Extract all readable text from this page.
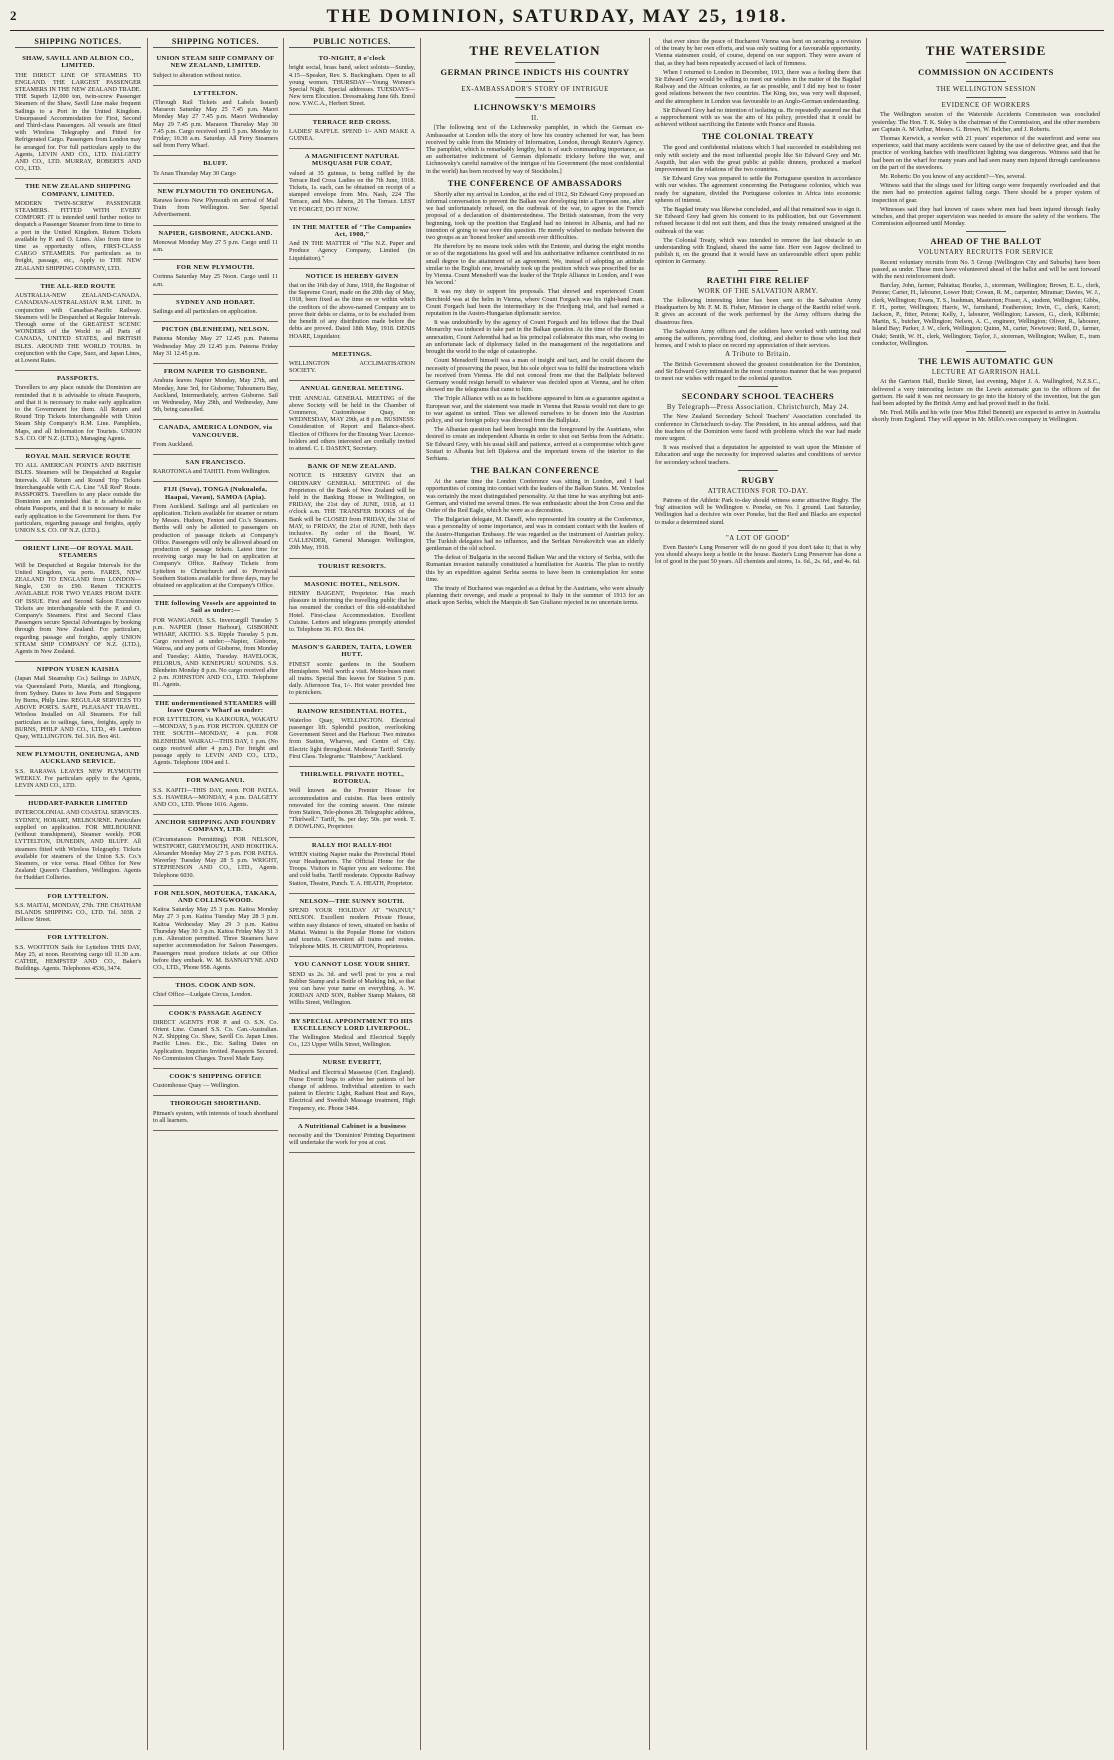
2	THE DOMINION, SATURDAY, MAY 25, 1918.
SHIPPING NOTICES.
SHAW, SAVILL AND ALBION CO., LIMITED.

THE DIRECT LINE OF STEAMERS TO ENGLAND. THE LARGEST PASSENGER STEAMERS IN THE NEW ZEALAND TRADE. THE Superb 12,000 ton, twin-screw Passenger Steamers of the Shaw, Savill Line make frequent Sailings to a Port in the United Kingdom. Unsurpassed Accommodation for First, Second and Third-class Passengers. All vessels are fitted with Wireless Telegraphy and Fitted for Refrigerated Cargo. Passengers from London may be arranged for. For full particulars apply to the Agents, LEVIN AND CO., LTD. DALGETY AND CO., LTD. MURRAY, ROBERTS AND CO., LTD.

THE NEW ZEALAND SHIPPING COMPANY, LIMITED.

MODERN TWIN-SCREW PASSENGER STEAMERS. FITTED WITH EVERY COMFORT. IT is intended until further notice to despatch a Passenger Steamer from time to time to a port in the United Kingdom. Return Tickets available by P. and O. Lines. Also from time to time as opportunity offers, FIRST-CLASS CARGO STEAMERS. For particulars as to freight, passage, etc., Apply to THE NEW ZEALAND SHIPPING COMPANY, LTD.

THE ALL-RED ROUTE

AUSTRALIA-NEW ZEALAND-CANADA. CANADIAN-AUSTRALASIAN R.M. LINE. In conjunction with Canadian-Pacific Railway. Steamers will be Despatched at Regular Intervals. Through some of the GREATEST SCENIC WONDERS of the World to all Parts of CANADA, UNITED STATES, and BRITISH ISLES. AROUND THE WORLD TOURS. In conjunction with the Cape, Suez, and Japan Lines, at Lowest Rates.

PASSPORTS.

Travellers to any place outside the Dominion are reminded that it is advisable to obtain Passports, and that it is necessary to make early application to the Government for them. All Return and Round Trip Tickets Interchangeable with Union Steam Ship Company's R.M. Line. Pamphlets, Maps, and all Information for Tourists. UNION S.S. CO. OF N.Z. (LTD.), Managing Agents.

ROYAL MAIL SERVICE ROUTE

TO ALL AMERICAN POINTS AND BRITISH ISLES. Steamers will be Despatched at Regular Intervals. All Return and Round Trip Tickets Interchangeable with C.A. Line "All Red" Route. PASSPORTS. Travellers to any place outside the Dominion are reminded that it is advisable to obtain Passports, and that it is necessary to make early application to the Government for them. For particulars, regarding passage and freights, apply UNION S.S. CO. OF N.Z. (LTD.).

ORIENT LINE—OF ROYAL MAIL STEAMERS

Will be Despatched at Regular Intervals for the United Kingdom, via ports. FARES, NEW ZEALAND TO ENGLAND from LONDON—Single, £30 to £90. Return TICKETS AVAILABLE FOR TWO YEARS FROM DATE OF ISSUE. First and Second Saloon Excursion Tickets are interchangeable with the P. and O. Company's Steamers. First and Second Class Passengers secure Special Advantages by booking through from New Zealand. For particulars, regarding passage and freights, apply UNION STEAM SHIP COMPANY OF N.Z. (LTD.), Agents in New Zealand.

NIPPON YUSEN KAISHA

(Japan Mail Steamship Co.) Sailings to JAPAN, via Queensland Ports, Manila, and Hongkong, from Sydney. Dates to Java Ports and Singapore by Burns, Philp Line. REGULAR SERVICES TO ABOVE PORTS. SAFE, PLEASANT TRAVEL. Wireless Installed on All Steamers. For full particulars as to sailings, fares, freights, apply to BURNS, PHILP AND CO., LTD., 49 Lambton Quay, WELLINGTON. Tel. 316. Box 461.

NEW PLYMOUTH, ONEHUNGA, AND AUCKLAND SERVICE.

S.S. RARAWA LEAVES NEW PLYMOUTH WEEKLY. For particulars apply to the Agents, LEVIN AND CO., LTD.

HUDDART-PARKER LIMITED

INTERCOLONIAL AND COASTAL SERVICES. SYDNEY, HOBART, MELBOURNE. Particulars supplied on application. FOR MELBOURNE (without transhipment), Steamer weekly. FOR LYTTELTON, DUNEDIN, AND BLUFF. All steamers fitted with Wireless Telegraphy. Tickets available for steamers of the Union S.S. Co.'s Steamers, or vice versa. Head Office for New Zealand: Queen's Chambers, Wellington. Agents for Huddart Collieries.

FOR LYTTELTON.

S.S. MAITAI, MONDAY, 27th. THE CHATHAM ISLANDS SHIPPING CO., LTD. Tel. 3038. 2 Jellicoe Street.

FOR LYTTELTON.

S.S. WOOTTON Sails for Lyttelton THIS DAY, May 25, at noon. Receiving cargo till 11.30 a.m. CATHIE, HEMPSTEP AND CO., Baker's Buildings. Agents. Telephones 4536, 3474.

SHIPPING NOTICES.
UNION STEAM SHIP COMPANY OF NEW ZEALAND, LIMITED.

Subject to alteration without notice.

LYTTELTON.

(Through Rail Tickets and Labels Issued) Maraeon Saturday May 25 7.45 p.m. Maori Monday May 27 7.45 p.m. Maori Wednesday May 29 7.45 p.m. Maraeon Thursday May 30 7.45 p.m. Cargo received until 5 p.m. Monday to Friday; 10.30 a.m. Saturday. All Ferry Steamers sail from Ferry Wharf.

BLUFF.

Te Anau Thursday May 30 Cargo

NEW PLYMOUTH TO ONEHUNGA.

Rarawa leaves New Plymouth on arrival of Mail Train from Wellington. See Special Advertisement.

NAPIER, GISBORNE, AUCKLAND.

Monowai Monday May 27 5 p.m. Cargo until 11 a.m.

FOR NEW PLYMOUTH.

Corinna Saturday May 25 Noon. Cargo until 11 a.m.

SYDNEY AND HOBART.

Sailings and all particulars on application.

PICTON (BLENHEIM), NELSON.

Pateena Monday May 27 12.45 p.m. Pateena Wednesday May 29 12.45 p.m. Pateena Friday May 31 12.45 p.m.

FROM NAPIER TO GISBORNE.

Arahura leaves Napier Monday, May 27th, and Monday, June 3rd, for Gisborne; Tuhoumeru Bay, Auckland, Intermediately, arrives Gisborne. Sail on Wednesday, May 29th, and Wednesday, June 5th, being cancelled.

CANADA, AMERICA LONDON, via VANCOUVER.

From Auckland.

SAN FRANCISCO.

RAROTONGA and TAHITI. From Wellington.

FIJI (Suva), TONGA (Nukualofa, Haapai, Vavau), SAMOA (Apia).

From Auckland. Sailings and all particulars on application. Tickets available for steamer or return by Messrs. Hudson, Fenton and Co.'s Steamers. Berths will only be allotted to passengers on production of passage tickets at Company's Office. Passengers will only be allowed aboard on production of passage tickets. Latest time for receiving cargo may be had on application at Company's Office. Railway Tickets from Lyttelton to Christchurch and to Provincial Southern Stations available for three days, may be obtained on application at the Company's Office.

THE following Vessels are appointed to Sail as under:—

FOR WANGANUI. S.S. Invercargill Tuesday 5 p.m. NAPIER (Inner Harbour), GISBORNE WHARF, AKITIO. S.S. Ripple Tuesday 5 p.m. Cargo received at under:—Napier, Gisborne, Wairoa, and any ports of Gisborne, from Monday and Tuesday; Akitio, Tuesday. HAVELOCK, PELORUS, AND KENEPURU SOUNDS. S.S. Blenheim Monday 8 p.m. No cargo received after 2 p.m. JOHNSTON AND CO., LTD. Telephone 81. Agents.

THE undermentioned STEAMERS will leave Queen's Wharf as under:

FOR LYTTELTON, via KAIKOURA, WAKATU—MONDAY, 5 p.m. FOR PICTON. QUEEN OF THE SOUTH—MONDAY, 4 p.m. FOR BLENHEIM. WAIRAU—THIS DAY, 1 p.m. (No cargo received after 4 p.m.) For freight and passage apply to LEVIN AND CO., LTD., Agents. Telephone 1904 and 1.

FOR WANGANUI.

S.S. KAPITI—THIS DAY, noon. FOR PATEA. S.S. HAWERA—MONDAY, 4 p.m. DALGETY AND CO., LTD. 'Phone 1616. Agents.

ANCHOR SHIPPING AND FOUNDRY COMPANY, LTD.

(Circumstances Permitting). FOR NELSON, WESTPORT, GREYMOUTH, AND HOKITIKA. Alexander Monday May 27 5 p.m. FOR PATEA. Waverley Tuesday May 28 5 p.m. WRIGHT, STEPHENSON AND CO., LTD., Agents. Telephone 6030.

FOR NELSON, MOTUEKA, TAKAKA, AND COLLINGWOOD.

Kaitoa Saturday May 25 3 p.m. Kaitoa Monday May 27 3 p.m. Kaitoa Tuesday May 28 3 p.m. Kaitoa Wednesday May 29 3 p.m. Kaitoa Thursday May 30 3 p.m. Kaitoa Friday May 31 3 p.m. Alteration permitted. Three Steamers have superior accommodation for Saloon Passengers. Passengers must produce tickets at our Office before they embark. W. M. BANNATYNE AND CO., LTD., 'Phone 958. Agents.

THOS. COOK AND SON.

Chief Office—Ludgate Circus, London.

COOK'S PASSAGE AGENCY

DIRECT AGENTS FOR P. and O. S.N. Co. Orient Line. Cunard S.S. Co. Can.-Australian. N.Z. Shipping Co. Shaw, Savill Co. Japan Lines. Pacific Lines. Etc., Etc. Sailing Dates on Application. Inquiries Invited. Passports Secured. No Commission Charges. Travel Made Easy.

COOK'S SHIPPING OFFICE

Customhouse Quay — Wellington.

THOROUGH SHORTHAND.

Pitman's system, with interests of touch shorthand to all learners.

PUBLIC NOTICES.
TO-NIGHT, 8 o'clock

bright social, brass band, select soloists—Sunday, 4.15—Speaker, Rev. S. Buckingham. Open to all young women. THURSDAY—Young Women's Special Night. Special addresses. TUESDAYS—New term Elocution. Dressmaking June 6th. Enrol now. Y.W.C.A., Herbert Street.

TERRACE RED CROSS.

LADIES' RAFFLE. SPEND 1/- AND MAKE A GUINEA.

A MAGNIFICENT NATURAL MUSQUASH FUR COAT,

valued at 35 guineas, is being raffled by the Terrace Red Cross Ladies on the 7th June, 1918. Tickets, 1s. each, can be obtained on receipt of a stamped envelope from Mrs. Nash, 224 The Terrace, and Mrs. Jabens, 26 The Terrace. LEST YE FORGET, DO IT NOW.

IN THE MATTER of "The Companies Act, 1908,"

And IN THE MATTER of "The N.Z. Paper and Produce Agency Company, Limited (in Liquidation)."

NOTICE IS HEREBY GIVEN

that on the 16th day of June, 1918, the Registrar of the Supreme Court, made on the 20th day of May, 1918, been fixed as the time on or within which the creditors of the above-named Company are to prove their debts or claims, or to be excluded from the benefit of any distribution made before the debts are proved. Dated 18th May, 1918. DENIS HOARE, Liquidator.

MEETINGS.

WELLINGTON ACCLIMATISATION SOCIETY.

ANNUAL GENERAL MEETING.

THE ANNUAL GENERAL MEETING of the above Society will be held in the Chamber of Commerce, Customhouse Quay, on WEDNESDAY, MAY 29th, at 8 p.m. BUSINESS: Consideration of Report and Balance-sheet. Election of Officers for the Ensuing Year. Licence-holders and others interested are cordially invited to attend. C. I. DASENT, Secretary.

BANK OF NEW ZEALAND.

NOTICE IS HEREBY GIVEN that an ORDINARY GENERAL MEETING of the Proprietors of the Bank of New Zealand will be held in the Banking House in Wellington, on FRIDAY, the 21st day of JUNE, 1918, at 11 o'clock a.m. THE TRANSFER BOOKS of the Bank will be CLOSED from FRIDAY, the 31st of MAY, to FRIDAY, the 21st of JUNE, both days inclusive. By order of the Board, W. CALLENDER, General Manager. Wellington, 20th May, 1918.

TOURIST RESORTS.
MASONIC HOTEL, NELSON.

HENRY BAIGENT, Proprietor. Has much pleasure in informing the travelling public that he has resumed the conduct of this old-established Hotel. First-class Accommodation. Excellent Cuisine. Letters and telegrams promptly attended to. Telephone 36. P.O. Box 84.

MASON'S GARDEN, TAITA, LOWER HUTT.

FINEST scenic gardens in the Southern Hemisphere. Well worth a visit. Motor-buses meet all trains. Special Bus leaves for Station 5 p.m. daily. Afternoon Tea, 1/-. Hot water provided free to picnickers.

RAINOW RESIDENTIAL HOTEL,

Waterloo Quay, WELLINGTON. Electrical passenger lift. Splendid position, overlooking Government Street and the Harbour. Two minutes from Station, Wharves, and Centre of City. Electric light throughout. Moderate Tariff. Strictly First Class. Telegrams: "Rainbow," Auckland.

THIRLWELL PRIVATE HOTEL, ROTORUA.

Well known as the Premier House for accommodation and cuisine. Has been entirely renovated for the coming season. One minute from Station, Tele-phones 28. Telegraphic address, "Thirlwell." Tariff, 9s. per day; 50s. per week. T. P. DOWLING, Proprietor.

RALLY HO! RALLY-HO!

WHEN visiting Napier make the Provincial Hotel your Headquarters. The Official Home for the Troops. Visitors to Napier you are welcome. Hot and cold baths. Tariff moderate. Opposite Railway Station, Theatre, Punch. T. A. HEATH, Proprietor.

NELSON—THE SUNNY SOUTH.

SPEND YOUR HOLIDAY AT "WAINUI," NELSON. Excellent modern Private House, within easy distance of town, situated on banks of Maitai. Wainui is the Popular Home for visitors and tourists. Convenient all trains and routes. Telephone MRS. H. CRUMPTON, Proprietress.

YOU CANNOT LOSE YOUR SHIRT.

SEND us 2s. 3d. and we'll post to you a real Rubber Stamp and a Bottle of Marking Ink, so that you can have your name on everything. A. W. JORDAN AND SON, Rubber Stamp Makers, 68 Willis Street, Wellington.

BY SPECIAL APPOINTMENT TO HIS EXCELLENCY LORD LIVERPOOL.

The Wellington Medical and Electrical Supply Co., 123 Upper Willis Street, Wellington.

NURSE EVERITT,

Medical and Electrical Masseuse (Cert. England). Nurse Everitt begs to advise her patients of her change of address. Individual attention to each patient in Electric Light, Radiant Heat and Rays, Electrical and Swedish Massage treatment, High Frequency, etc. Phone 3484.

A Nutritional Cabinet is a business

necessity and the 'Dominion' Printing Department will undertake the work for you at cost.

THE REVELATION
GERMAN PRINCE INDICTS HIS COUNTRY
EX-AMBASSADOR'S STORY OF INTRIGUE
LICHNOWSKY'S MEMOIRS
II.

[The following text of the Lichnowsky pamphlet, in which the German ex-Ambassador at London tells the story of how his country schemed for war, has been received by cable from the Ministry of Information, London, through Reuter's Agency. The pamphlet, which is remarkably lengthy, but is of such commanding importance, as an authoritative indictment of German diplomatic trickery before the war, and Lichnowsky's careful narrative of the intrigue of his Government (the most confidential in the world) has been received by way of Stockholm.]

THE CONFERENCE OF AMBASSADORS

Shortly after my arrival in London, at the end of 1912, Sir Edward Grey proposed an informal conversation to prevent the Balkan war developing into a European one, after we had unfortunately refused, on the outbreak of the war, to agree to the French proposal of a declaration of disinterestedness. The British statesman, from the very beginning, took up the position that England had no interest in Albania, and had no intention of going to war over this question. He merely wished to mediate between the two groups as an 'honest broker' and smooth over difficulties.

He therefore by no means took sides with the Entente, and during the eight months or so of the negotiations his good will and his authoritative influence contributed in no small degree to the attainment of an agreement. We, instead of adopting an attitude similar to the English one, invariably took up the position which was prescribed for us by Vienna. Count Mensdorff was the leader of the Triple Alliance in London, and I was his 'second.'

It was my duty to support his proposals. That shrewd and experienced Count Berchtold was at the helm in Vienna, where Count Forgach was his right-hand man. Count Forgach had been the intermediary in the Friedjung trial, and had earned a reputation in the Austro-Hungarian diplomatic service.

It was undoubtedly by the agency of Count Forgach and his fellows that the Dual Monarchy was induced to take part in the Balkan question. At the time of the Bosnian annexation, Count Aehrenthal had as his principal collaborator this man, who owing to an unfortunate lack of diplomacy failed in the management of the negotiations and brought the world to the edge of catastrophe.

Count Mensdorff himself was a man of insight and tact, and he could discern the necessity of preserving the peace, but his sole object was to fulfil the instructions which he received from Vienna. He did not conceal from me that the Ballplatz believed Germany would resign herself to whatever was decided upon at Vienna, and he often showed me the telegrams that came to him.

The Triple Alliance with us as its backbone appeared to him as a guarantee against a European war, and the statement was made in Vienna that Russia would not dare to go to war against us united. Thus we allowed ourselves to be drawn into the Austrian policy, and our foreign policy was directed from the Ballplatz.

The Albanian question had been brought into the foreground by the Austrians, who desired to create an independent Albania in order to shut out Serbia from the Adriatic. Sir Edward Grey, with his usual skill and patience, arrived at a compromise which gave Scutari to Albania but left Djakova and the important towns of the interior to the Serbians.

THE BALKAN CONFERENCE

At the same time the London Conference was sitting in London, and I had opportunities of coming into contact with the leaders of the Balkan States. M. Venizelos was certainly the most distinguished personality. At that time he was anything but anti-German, and visited me several times. He was enthusiastic about the Iron Cross and the Order of the Red Eagle, which he wore as a decoration.

The Bulgarian delegate, M. Daneff, who represented his country at the Conference, was a personality of some importance, and was in constant contact with the leaders of the Austro-Hungarian Embassy. He was regarded as the instrument of Austrian policy. The Turkish delegates had no influence, and the Serbian Novakovitch was an elderly gentleman of the old school.

The defeat of Bulgaria in the second Balkan War and the victory of Serbia, with the Rumanian invasion naturally constituted a humiliation for Austria. The plan to rectify this by an expedition against Serbia seems to have been in contemplation for some time.

The treaty of Bucharest was regarded as a defeat by the Austrians, who were already planning their revenge, and made a proposal to Italy in the summer of 1913 for an attack upon Serbia, which the Marquis di San Giuliano rejected in no uncertain terms.

that ever since the peace of Bucharest Vienna was bent on securing a revision of the treaty by her own efforts, and was only waiting for a favourable opportunity. Vienna statesmen could, of course, depend on our support. They were aware of that, as they had been repeatedly accused of lack of firmness.

When I returned to London in December, 1913, there was a feeling there that Sir Edward Grey would be willing to meet our wishes in the matter of the Bagdad Railway and the African colonies, as far as possible, and I did my best to foster good relations between the two countries. The King, too, was very well disposed, and the atmosphere in London was favourable to an Anglo-German understanding.

Sir Edward Grey had no intention of isolating us. He repeatedly assured me that a rapprochement with us was the aim of his policy, provided that it could be achieved without sacrificing the Entente with France and Russia.

THE COLONIAL TREATY

The good and confidential relations which I had succeeded in establishing not only with society and the most influential people like Sir Edward Grey and Mr. Asquith, but also with the great public at public dinners, produced a marked improvement in the relations of the two countries.

Sir Edward Grey was prepared to settle the Portuguese question in accordance with our wishes. The agreement concerning the Portuguese colonies, which was ready for signature, divided the Portuguese colonies in Africa into economic spheres of interest.

The Bagdad treaty was likewise concluded, and all that remained was to sign it. Sir Edward Grey had given his consent to its publication, but our Government refused because it did not suit them, and thus the treaty remained unsigned at the outbreak of the war.

The Colonial Treaty, which was intended to remove the last obstacle to an understanding with England, shared the same fate. Herr von Jagow declined to publish it, on the ground that it would have an unfavourable effect upon public opinion in Germany.

RAETIHI FIRE RELIEF
WORK OF THE SALVATION ARMY.

The following interesting letter has been sent to the Salvation Army Headquarters by Mr. F. M. B. Fisher, Minister in charge of the Raetihi relief work. It gives an account of the work performed by the Army officers during the disastrous fires.

The Salvation Army officers and the soldiers have worked with untiring zeal among the sufferers, providing food, clothing, and shelter to those who lost their homes, and I wish to place on record my appreciation of their services.

A Tribute to Britain.

The British Government showed the greatest consideration for the Dominion, and Sir Edward Grey intimated in the most courteous manner that he was prepared to meet our wishes with regard to the colonial question.

SECONDARY SCHOOL TEACHERS
By Telegraph—Press Association. Christchurch, May 24.

The New Zealand Secondary School Teachers' Association concluded its conference in Christchurch to-day. The President, in his annual address, said that the teachers of the Dominion were faced with problems which the war had made more urgent.

It was resolved that a deputation be appointed to wait upon the Minister of Education and urge the necessity for improved salaries and conditions of service for secondary school teachers.

RUGBY
ATTRACTIONS FOR TO-DAY.

Patrons of the Athletic Park to-day should witness some attractive Rugby. The 'big' attraction will be Wellington v. Poneke, on No. 1 ground. Last Saturday, Wellington had a decisive win over Poneke, but the Red and Blacks are expected to make a determined stand.

"A LOT OF GOOD"

Even Baxter's Lung Preserver will do no good if you don't take it; that is why you should always keep a bottle in the house. Baxter's Lung Preserver has done a lot of good in the past 50 years. All chemists and stores, 1s. 6d., 2s. 6d., and 4s. 6d.

THE WATERSIDE
COMMISSION ON ACCIDENTS
THE WELLINGTON SESSION
EVIDENCE OF WORKERS

The Wellington session of the Waterside Accidents Commission was concluded yesterday. The Hon. T. K. Sidey is the chairman of the Commission, and the other members are Captain A. M'Arthur, Messrs. G. Brown, W. Belcher, and J. Roberts.

Thomas Kerwick, a worker with 21 years' experience of the waterfront and some sea experience, said that many accidents were caused by the use of defective gear, and that the practice of working hatches with insufficient lighting was dangerous. Witness said that he had been on the wharf for many years and had seen many men injured through carelessness on the part of the stevedores.

Mr. Roberts: Do you know of any accident?—Yes, several.

Witness said that the slings used for lifting cargo were frequently overloaded and that the men had no protection against falling cargo. There should be a proper system of inspection of gear.

Witnesses said they had known of cases where men had been injured through faulty winches, and that proper supervision was needed to ensure the safety of the workers. The Commission adjourned until Monday.

AHEAD OF THE BALLOT
VOLUNTARY RECRUITS FOR SERVICE

Recent voluntary recruits from No. 5 Group (Wellington City and Suburbs) have been passed, as under. These men have volunteered ahead of the ballot and will be sent forward with the next reinforcement draft.

Barclay, John, farmer, Pahiatua; Bourke, J., storeman, Wellington; Brown, E. L., clerk, Petone; Carter, H., labourer, Lower Hutt; Cowan, R. M., carpenter, Miramar; Davies, W. J., clerk, Wellington; Evans, T. S., bushman, Masterton; Fraser, A., student, Wellington; Gibbs, F. H., porter, Wellington; Harris, W., farmhand, Featherston; Irwin, C., clerk, Karori; Jackson, P., fitter, Petone; Kelly, J., labourer, Wellington; Lawson, G., clerk, Kilbirnie; Martin, S., butcher, Wellington; Nelson, A. C., engineer, Wellington; Oliver, R., labourer, Island Bay; Parker, J. W., clerk, Wellington; Quinn, M., carter, Newtown; Reid, D., farmer, Otaki; Smith, W. H., clerk, Wellington; Taylor, J., storeman, Wellington; Walker, E., tram conductor, Wellington.

THE LEWIS AUTOMATIC GUN
LECTURE AT GARRISON HALL

At the Garrison Hall, Buckle Street, last evening, Major J. A. Wallingford, N.Z.S.C., delivered a very interesting lecture on the Lewis automatic gun to the officers of the garrison. He said it was not necessary to go into the history of the invention, but the gun had been adopted by the British Army and had proved itself in the field.

Mr. Fred. Mills and his wife (nee Miss Ethel Bennett) are expected to arrive in Australia shortly from England. They will appear in Mr. Mills's own company in Wellington.
